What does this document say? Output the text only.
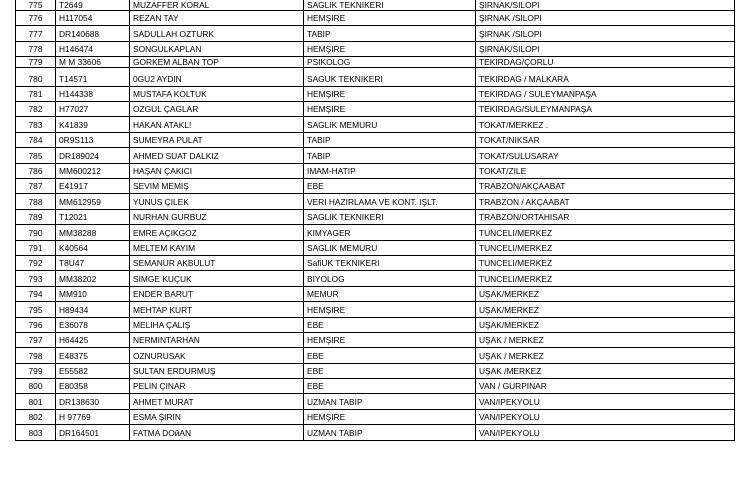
775	T2649	MUZAFFER KORAL	SAGLIK TEKNIKERI	ŞIRNAK/SILOPI
776	H117054	REZAN TAY	HEMŞIRE	ŞIRNAK /SILOPI
777	DR140688	SADULLAH OZTURK	TABIP	ŞIRNAK /SILOPI
778	H146474	SONGULKAPLAN	HEMŞIRE	ŞIRNAK/SILOPI
779	M M 33606	GORKEM ALBAN TOP	PSIKOLOG	TEKIRDAG/ÇORLU
780	T14571	0GU2 AYDIN	SAGUK TEKNIKERI	TEKIRDAG / MALKARA
781	H144338	MUSTAFA KOLTUK	HEMŞIRE	TEKIRDAG / SULEYMANPAŞA
782	H77027	OZGUL ÇAGLAR	HEMŞIRE	TEKIRDAG/SULEYMANPAŞA
783	K41839	HAKAN ATAKL!	SAGLIK MEMURU	TOKAT/MERKEZ .
784	0R9S113	SUMEYRA PULAT	TABIP	TOKAT/NIKSAR
785	DR189024	AHMED SUAT DALKIZ	TABIP	TOKAT/SULUSARAY
786	MM600212	HAŞAN ÇAKICI	IMAM-HATIP	TOKAT/ZILE
787	E41917	SEVIM MEMIŞ	EBE	TRABZON/AKÇAABAT
788	MM612959	YUNUS ÇILEK	VERI HAZIRLAMA VE KONT. IŞLT.	TRABZON / AKÇAABAT
789	T12021	NURHAN GURBUZ	SAGLIK TEKNIKERI	TRABZON/ORTAHISAR
790	MM38288	EMRE AÇIKGOZ	KIMYAGER	TUNCELI/MERKEZ
791	K40564	MELTEM KAYIM	SAGLIK MEMURU	TUNCELI/MERKEZ
792	T8U47	SEMANUR AKBULUT	SafiUK TEKNIKERI	TUNCELI/MERKEZ
793	MM38202	SIMGE KUÇUK	BIYOLOG	TUNCELI/MERKEZ
794	MM910	ENDER BARUT	MEMUR	UŞAK/MERKEZ
795	H89434	MEHTAP KURT	HEMŞIRE	UŞAK/MERKEZ
796	E36078	MELIHA ÇALIŞ	EBE	UŞAK/MERKEZ
797	H64425	NERMINTARHAN	HEMŞIRE	UŞAK / MERKEZ
798	E48375	OZNURUSAK	EBE	UŞAK / MERKEZ
799	E55582	SULTAN ERDURMUŞ	EBE	UŞAK /MERKEZ
800	E80358	PELIN ÇINAR	EBE	VAN / GURPINAR
801	DR138630	AHMET MURAT	UZMAN TABIP	VAN/IPEKYOLU
802	H 97769	ESMA ŞIRIN	HEMŞIRE	VAN/IPEKYOLU
803	DR164501	FATMA DOйAN	UZMAN TABIP	VAN/IPEKYOLU
